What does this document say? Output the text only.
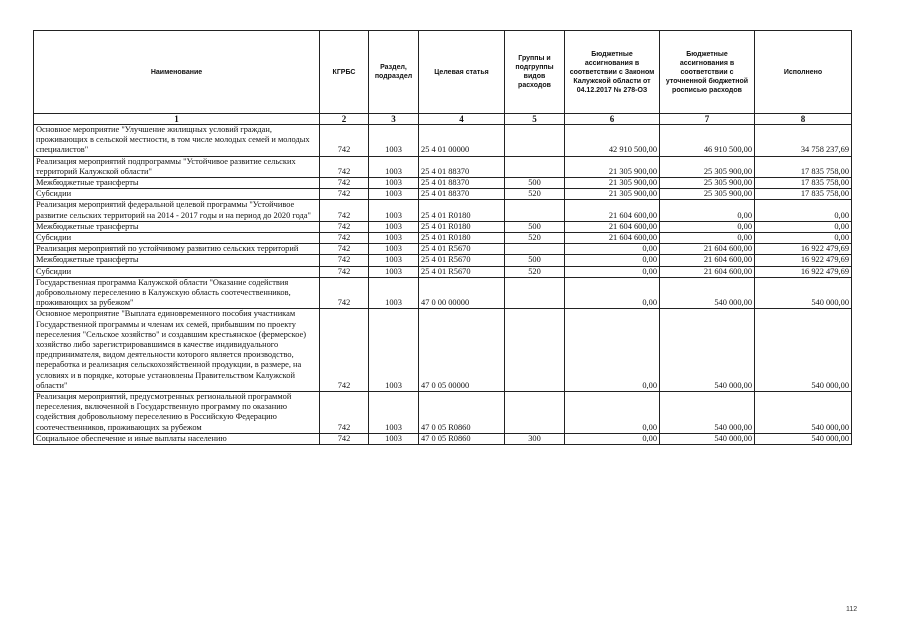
Наименование	КГРБС	Раздел, подраздел	Целевая статья	Группы и подгруппы видов расходов	Бюджетные ассигнования в соответствии с Законом Калужской области от 04.12.2017 № 278-ОЗ	Бюджетные ассигнования в соответствии с уточненной бюджетной росписью расходов	Исполнено
1	2	3	4	5	6	7	8
Основное мероприятие "Улучшение жилищных условий граждан, проживающих в сельской местности, в том числе молодых семей и молодых специалистов"	742	1003	25 4 01 00000		42 910 500,00	46 910 500,00	34 758 237,69
Реализация мероприятий подпрограммы "Устойчивое развитие сельских территорий Калужской области"	742	1003	25 4 01 88370		21 305 900,00	25 305 900,00	17 835 758,00
Межбюджетные трансферты	742	1003	25 4 01 88370	500	21 305 900,00	25 305 900,00	17 835 758,00
Субсидии	742	1003	25 4 01 88370	520	21 305 900,00	25 305 900,00	17 835 758,00
Реализация мероприятий федеральной целевой программы "Устойчивое развитие сельских территорий на 2014 - 2017 годы и на период до 2020 года"	742	1003	25 4 01 R0180		21 604 600,00	0,00	0,00
Межбюджетные трансферты	742	1003	25 4 01 R0180	500	21 604 600,00	0,00	0,00
Субсидии	742	1003	25 4 01 R0180	520	21 604 600,00	0,00	0,00
Реализация мероприятий по устойчивому развитию сельских территорий	742	1003	25 4 01 R5670		0,00	21 604 600,00	16 922 479,69
Межбюджетные трансферты	742	1003	25 4 01 R5670	500	0,00	21 604 600,00	16 922 479,69
Субсидии	742	1003	25 4 01 R5670	520	0,00	21 604 600,00	16 922 479,69
Государственная программа Калужской области "Оказание содействия добровольному переселению в Калужскую область соотечественников, проживающих за рубежом"	742	1003	47 0 00 00000		0,00	540 000,00	540 000,00
Основное мероприятие "Выплата единовременного пособия участникам Государственной программы и членам их семей, прибывшим по проекту переселения "Сельское хозяйство" и создавшим крестьянское (фермерское) хозяйство либо зарегистрировавшимся в качестве индивидуального предпринимателя, видом деятельности которого является производство, переработка и реализация сельскохозяйственной продукции, в размере, на условиях и в порядке, которые установлены Правительством Калужской области"	742	1003	47 0 05 00000		0,00	540 000,00	540 000,00
Реализация мероприятий, предусмотренных региональной программой переселения, включенной в Государственную программу по оказанию содействия добровольному переселению в Российскую Федерацию соотечественников, проживающих за рубежом	742	1003	47 0 05 R0860		0,00	540 000,00	540 000,00
Социальное обеспечение и иные выплаты населению	742	1003	47 0 05 R0860	300	0,00	540 000,00	540 000,00
112
